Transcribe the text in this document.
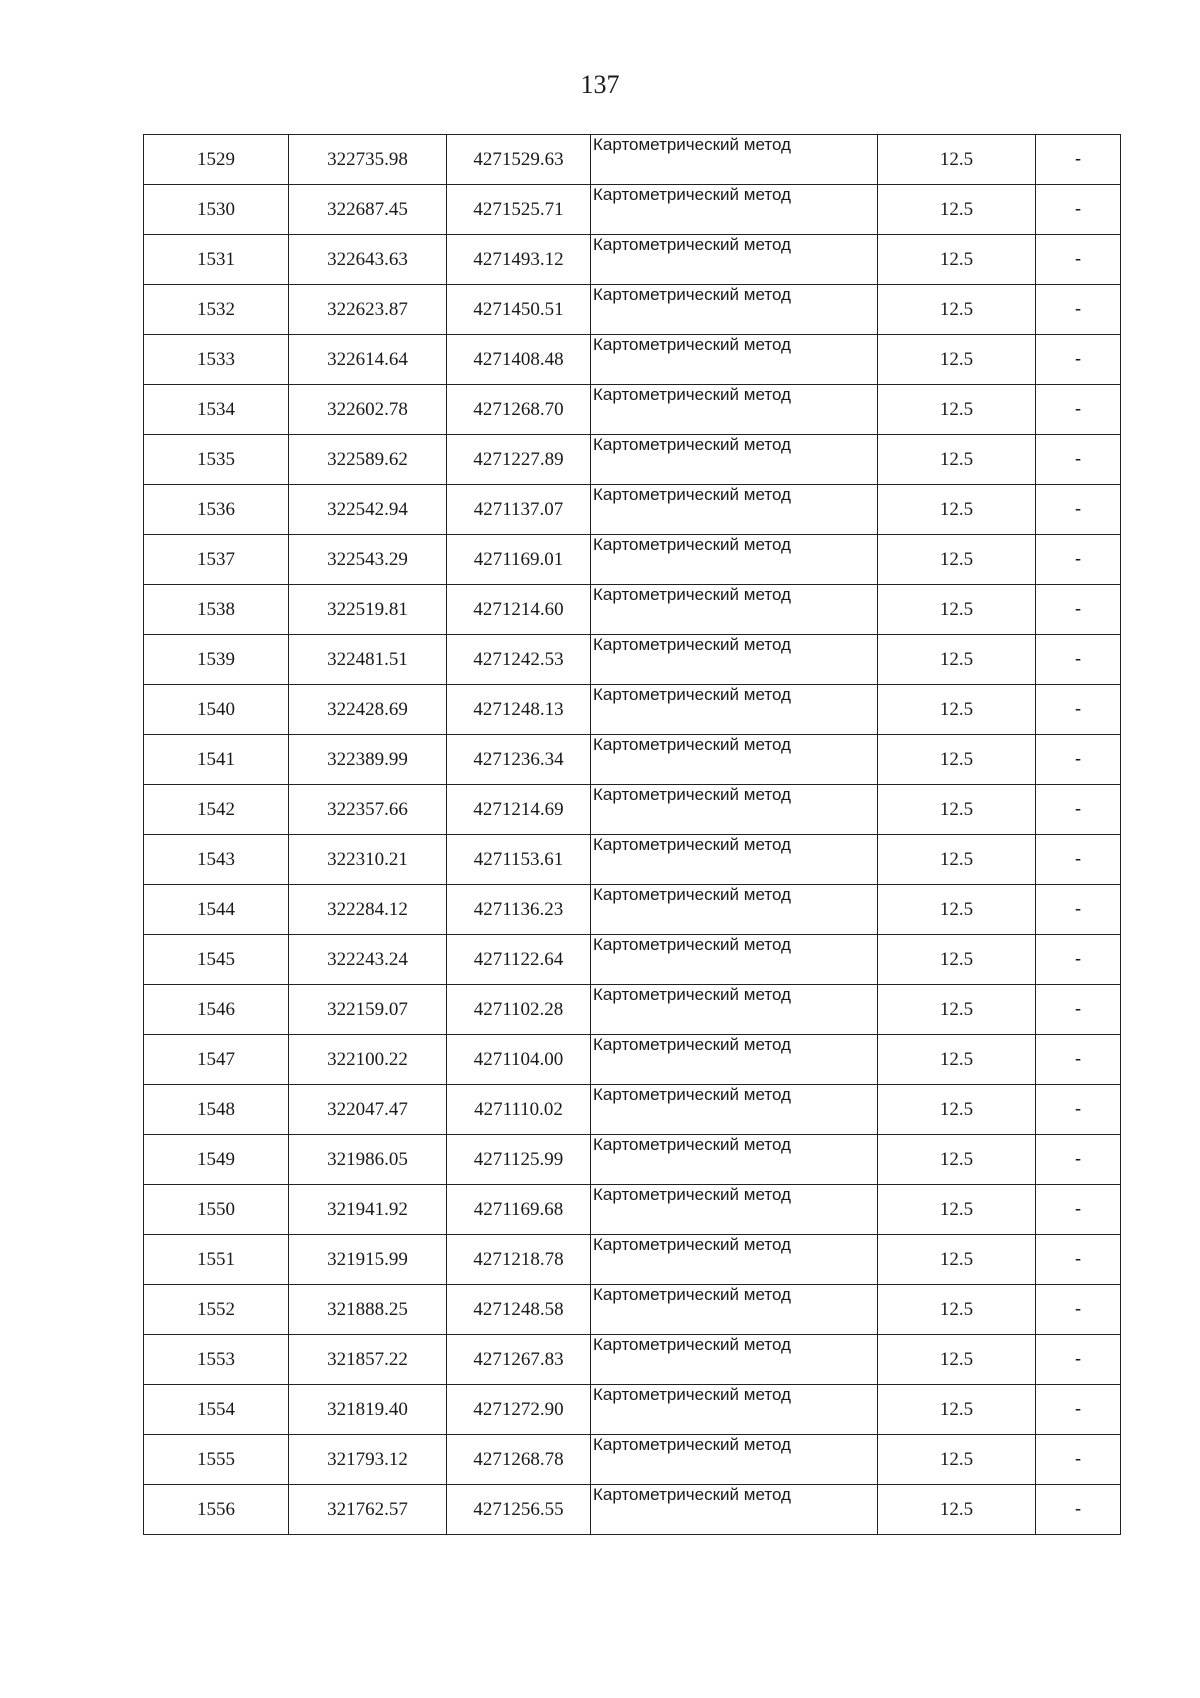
137
1529	322735.98	4271529.63	Картометрический метод	12.5	-
1530	322687.45	4271525.71	Картометрический метод	12.5	-
1531	322643.63	4271493.12	Картометрический метод	12.5	-
1532	322623.87	4271450.51	Картометрический метод	12.5	-
1533	322614.64	4271408.48	Картометрический метод	12.5	-
1534	322602.78	4271268.70	Картометрический метод	12.5	-
1535	322589.62	4271227.89	Картометрический метод	12.5	-
1536	322542.94	4271137.07	Картометрический метод	12.5	-
1537	322543.29	4271169.01	Картометрический метод	12.5	-
1538	322519.81	4271214.60	Картометрический метод	12.5	-
1539	322481.51	4271242.53	Картометрический метод	12.5	-
1540	322428.69	4271248.13	Картометрический метод	12.5	-
1541	322389.99	4271236.34	Картометрический метод	12.5	-
1542	322357.66	4271214.69	Картометрический метод	12.5	-
1543	322310.21	4271153.61	Картометрический метод	12.5	-
1544	322284.12	4271136.23	Картометрический метод	12.5	-
1545	322243.24	4271122.64	Картометрический метод	12.5	-
1546	322159.07	4271102.28	Картометрический метод	12.5	-
1547	322100.22	4271104.00	Картометрический метод	12.5	-
1548	322047.47	4271110.02	Картометрический метод	12.5	-
1549	321986.05	4271125.99	Картометрический метод	12.5	-
1550	321941.92	4271169.68	Картометрический метод	12.5	-
1551	321915.99	4271218.78	Картометрический метод	12.5	-
1552	321888.25	4271248.58	Картометрический метод	12.5	-
1553	321857.22	4271267.83	Картометрический метод	12.5	-
1554	321819.40	4271272.90	Картометрический метод	12.5	-
1555	321793.12	4271268.78	Картометрический метод	12.5	-
1556	321762.57	4271256.55	Картометрический метод	12.5	-
